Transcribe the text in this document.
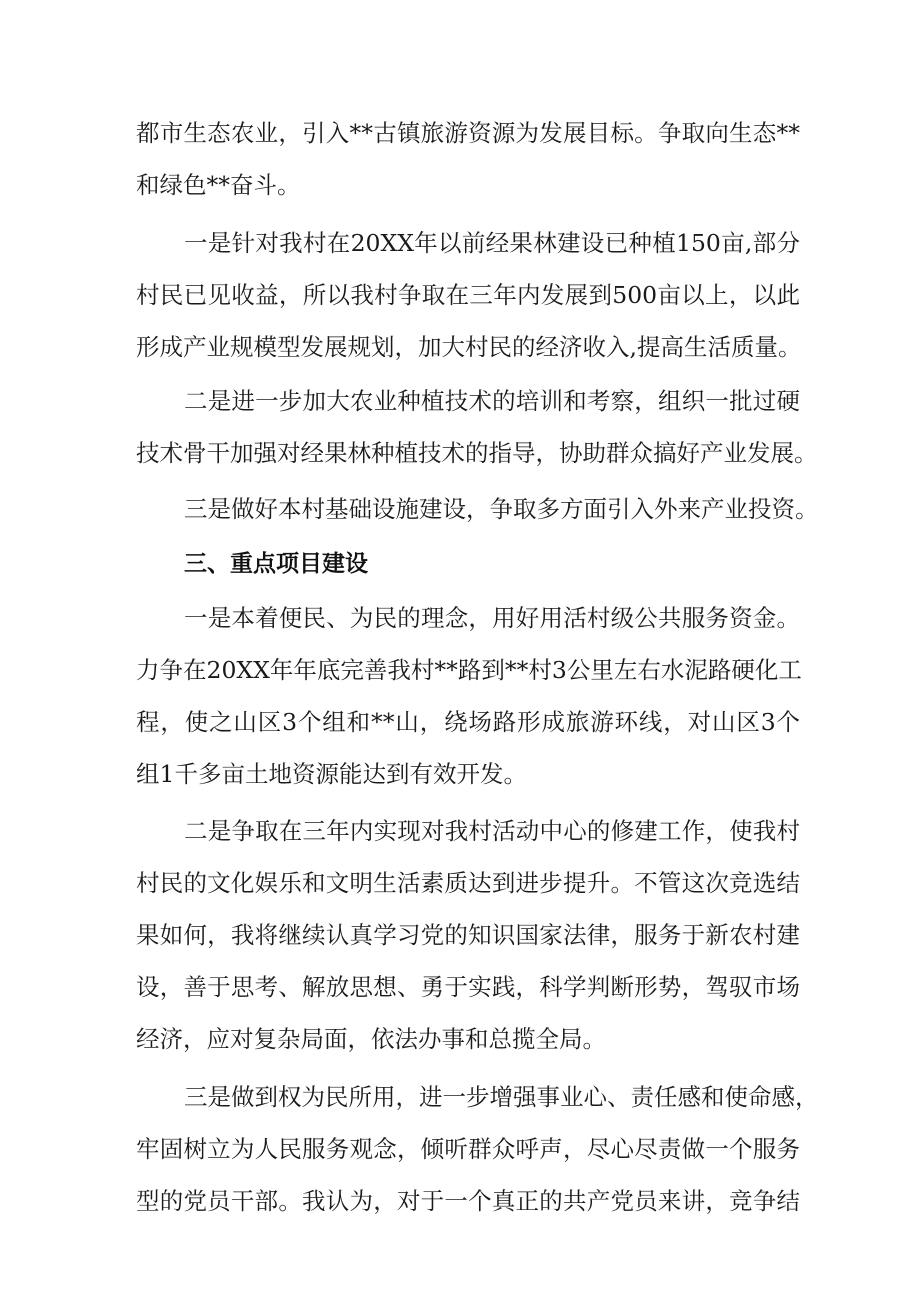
都市生态农业，引入**古镇旅游资源为发展目标。争取向生态**
和绿色**奋斗。
一是针对我村在20XX年以前经果林建设已种植150亩,部分
村民已见收益，所以我村争取在三年内发展到500亩以上，以此
形成产业规模型发展规划，加大村民的经济收入,提高生活质量。
二是进一步加大农业种植技术的培训和考察，组织一批过硬
技术骨干加强对经果林种植技术的指导，协助群众搞好产业发展。
三是做好本村基础设施建设，争取多方面引入外来产业投资。
三、重点项目建设
一是本着便民、为民的理念，用好用活村级公共服务资金。
力争在20XX年年底完善我村**路到**村3公里左右水泥路硬化工
程，使之山区3个组和**山，绕场路形成旅游环线，对山区3个
组1千多亩土地资源能达到有效开发。
二是争取在三年内实现对我村活动中心的修建工作，使我村
村民的文化娱乐和文明生活素质达到进步提升。不管这次竞选结
果如何，我将继续认真学习党的知识国家法律，服务于新农村建
设，善于思考、解放思想、勇于实践，科学判断形势，驾驭市场
经济，应对复杂局面，依法办事和总揽全局。
三是做到权为民所用，进一步增强事业心、责任感和使命感，
牢固树立为人民服务观念，倾听群众呼声，尽心尽责做一个服务
型的党员干部。我认为，对于一个真正的共产党员来讲，竞争结
